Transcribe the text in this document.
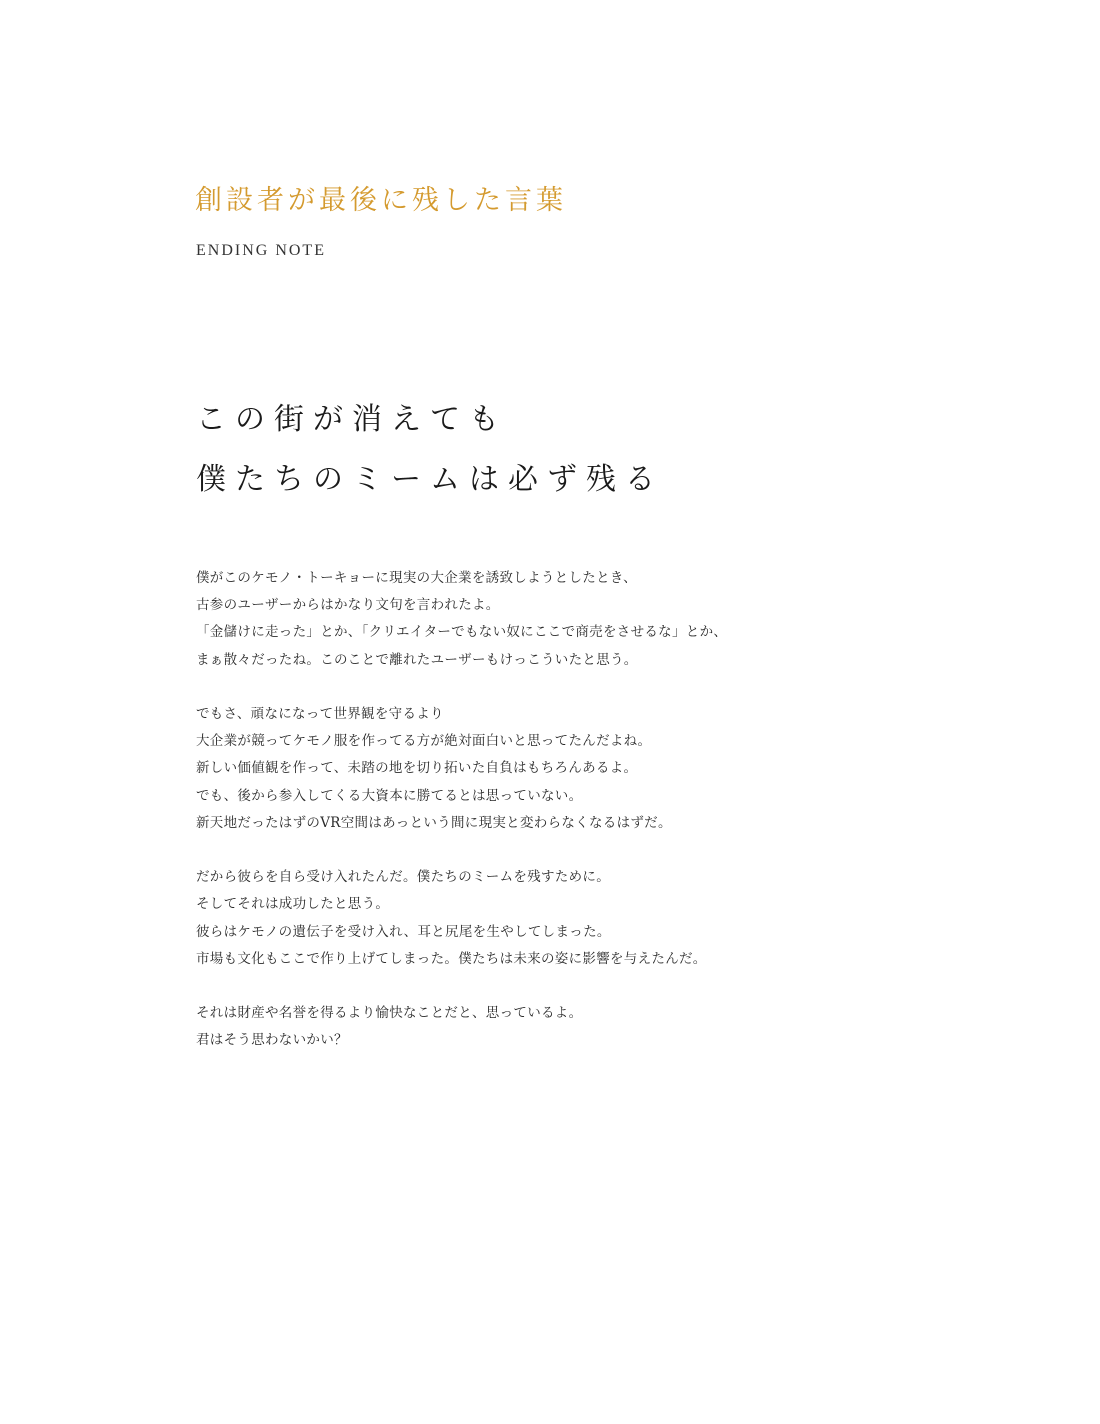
創設者が最後に残した言葉
ENDING NOTE
この街が消えても
僕たちのミームは必ず残る

僕がこのケモノ・トーキョーに現実の大企業を誘致しようとしたとき、
古参のユーザーからはかなり文句を言われたよ。
「金儲けに走った」とか、「クリエイターでもない奴にここで商売をさせるな」とか、
まぁ散々だったね。このことで離れたユーザーもけっこういたと思う。

でもさ、頑なになって世界観を守るより
大企業が競ってケモノ服を作ってる方が絶対面白いと思ってたんだよね。
新しい価値観を作って、未踏の地を切り拓いた自負はもちろんあるよ。
でも、後から参入してくる大資本に勝てるとは思っていない。
新天地だったはずのVR空間はあっという間に現実と変わらなくなるはずだ。

だから彼らを自ら受け入れたんだ。僕たちのミームを残すために。
そしてそれは成功したと思う。
彼らはケモノの遺伝子を受け入れ、耳と尻尾を生やしてしまった。
市場も文化もここで作り上げてしまった。僕たちは未来の姿に影響を与えたんだ。

それは財産や名誉を得るより愉快なことだと、思っているよ。
君はそう思わないかい？
